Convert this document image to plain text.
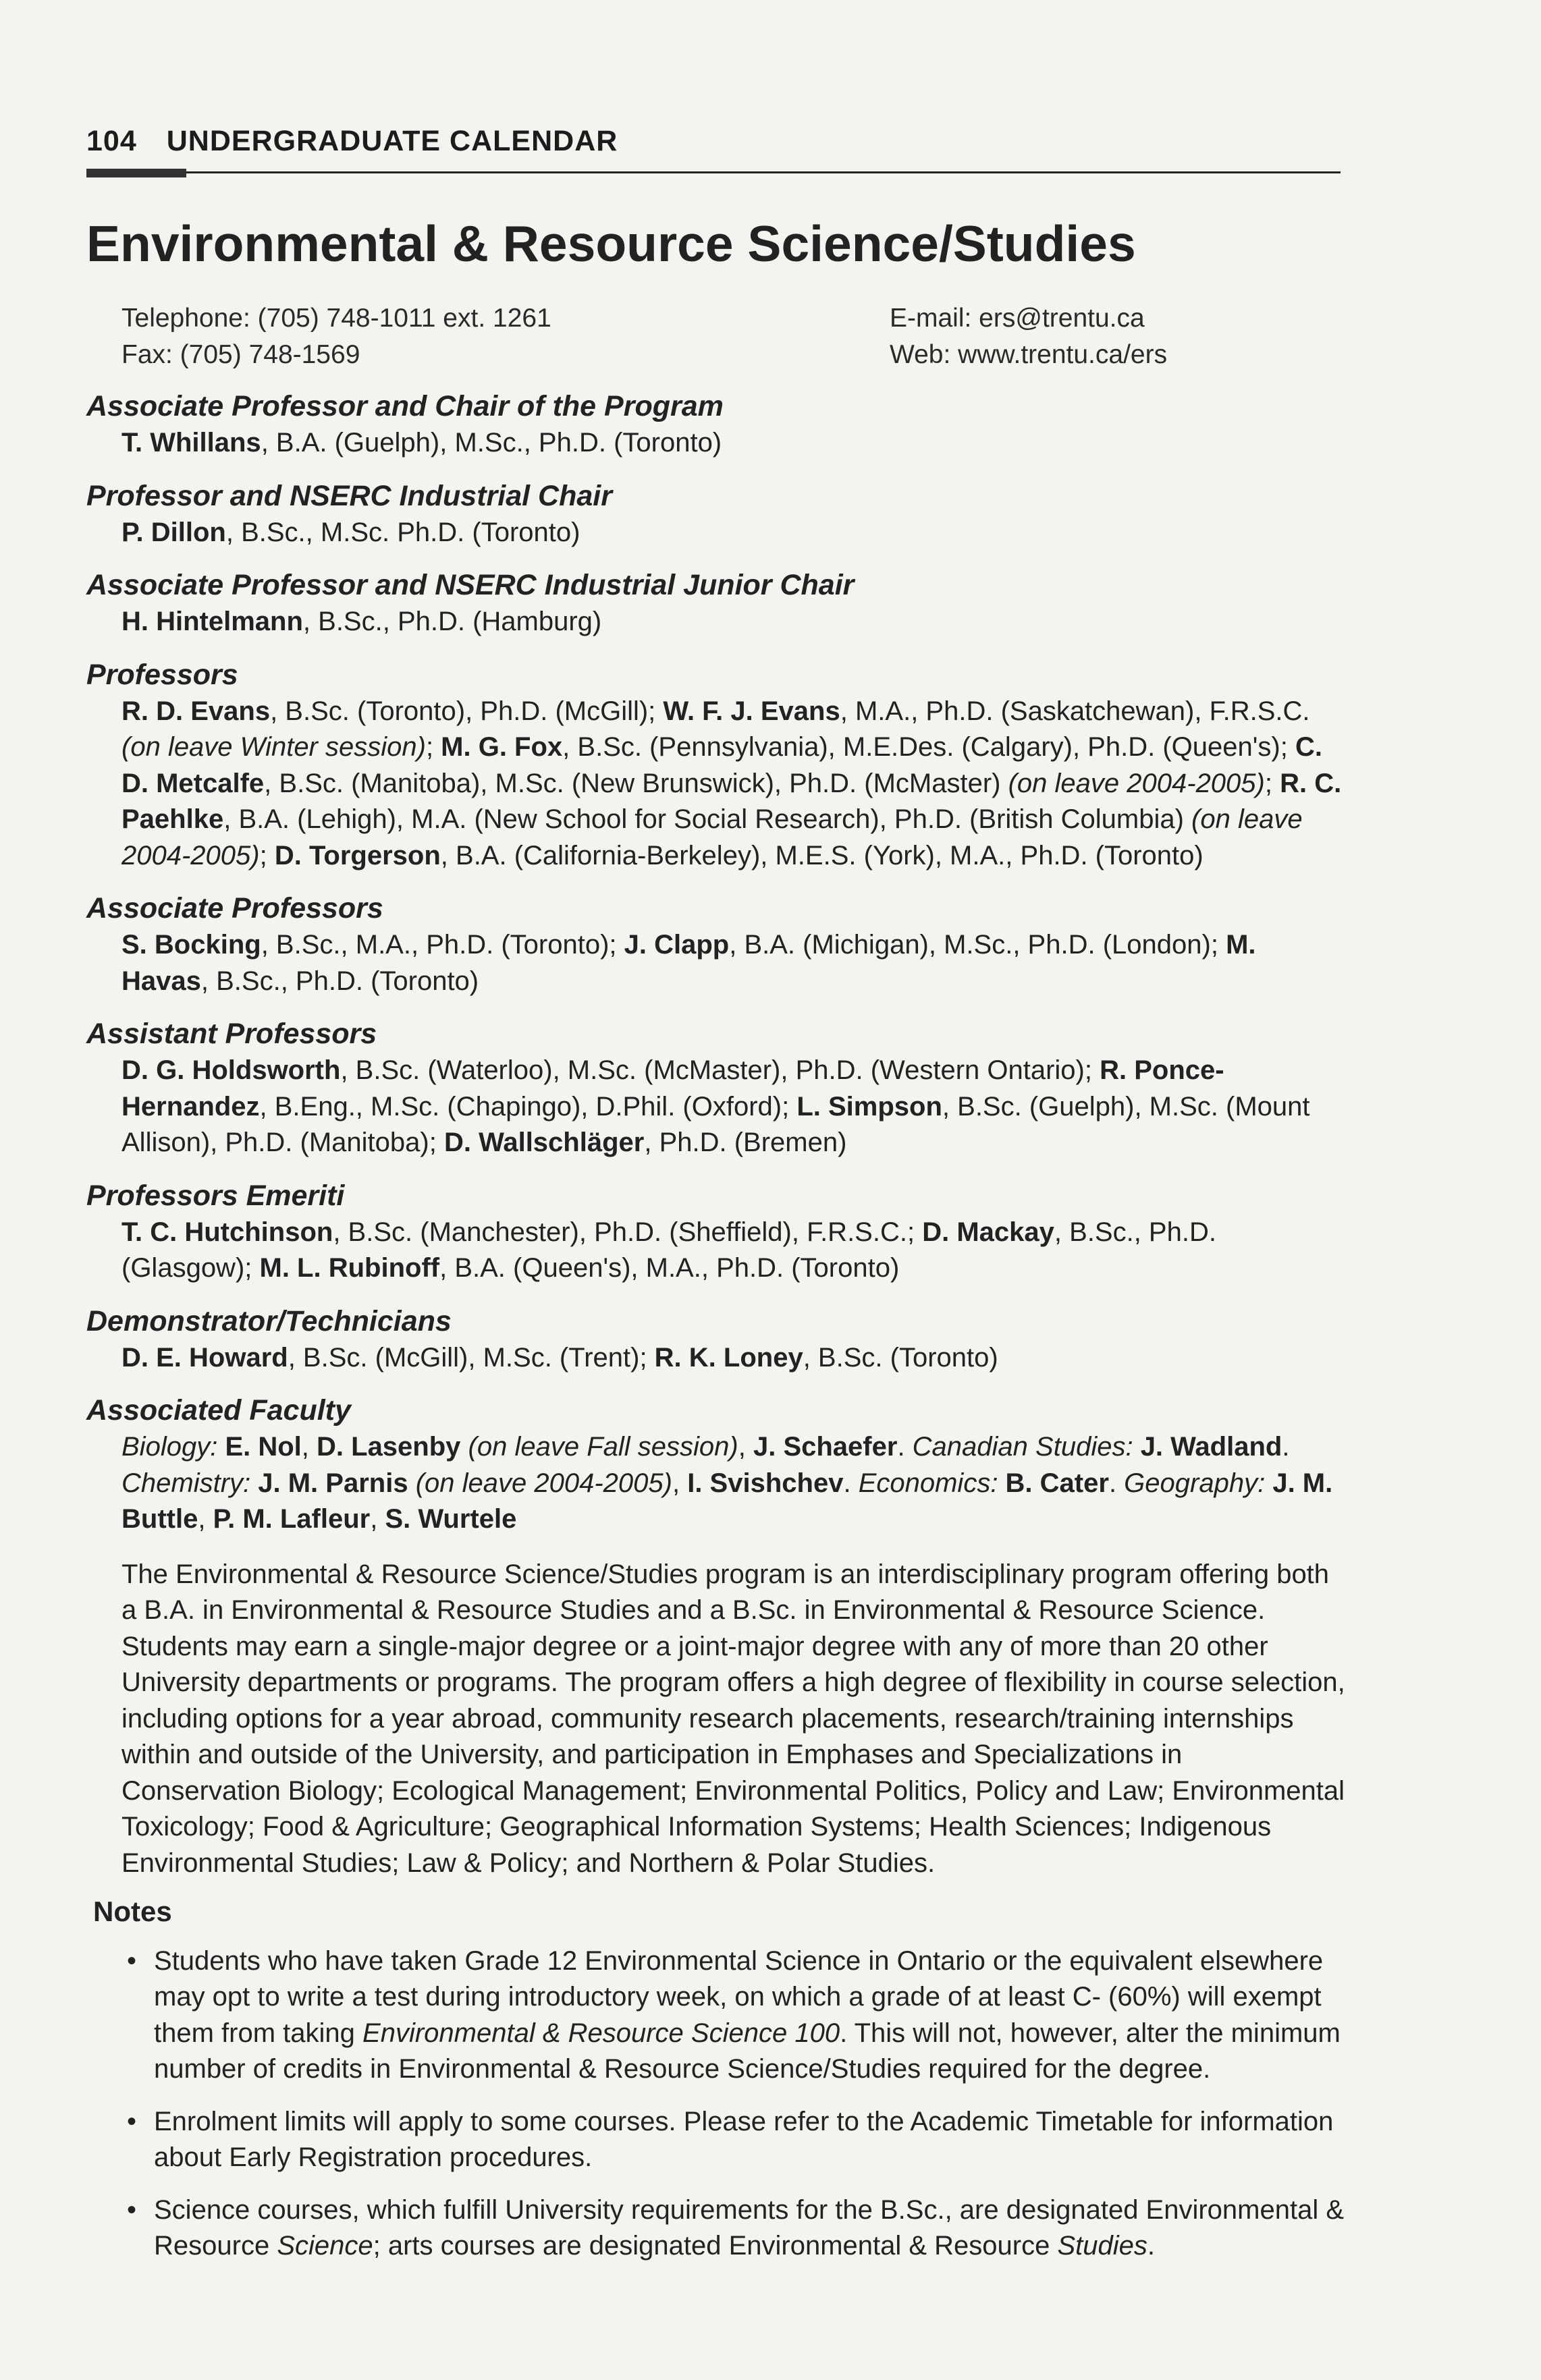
104 UNDERGRADUATE CALENDAR
Environmental & Resource Science/Studies
Telephone: (705) 748-1011 ext. 1261
Fax: (705) 748-1569
E-mail: ers@trentu.ca
Web: www.trentu.ca/ers

Associate Professor and Chair of the Program

T. Whillans, B.A. (Guelph), M.Sc., Ph.D. (Toronto)

Professor and NSERC Industrial Chair

P. Dillon, B.Sc., M.Sc. Ph.D. (Toronto)

Associate Professor and NSERC Industrial Junior Chair

H. Hintelmann, B.Sc., Ph.D. (Hamburg)

Professors

R. D. Evans, B.Sc. (Toronto), Ph.D. (McGill); W. F. J. Evans, M.A., Ph.D. (Saskatchewan), F.R.S.C. (on leave Winter session); M. G. Fox, B.Sc. (Pennsylvania), M.E.Des. (Calgary), Ph.D. (Queen's); C. D. Metcalfe, B.Sc. (Manitoba), M.Sc. (New Brunswick), Ph.D. (McMaster) (on leave 2004-2005); R. C. Paehlke, B.A. (Lehigh), M.A. (New School for Social Research), Ph.D. (British Columbia) (on leave 2004-2005); D. Torgerson, B.A. (California-Berkeley), M.E.S. (York), M.A., Ph.D. (Toronto)

Associate Professors

S. Bocking, B.Sc., M.A., Ph.D. (Toronto); J. Clapp, B.A. (Michigan), M.Sc., Ph.D. (London); M. Havas, B.Sc., Ph.D. (Toronto)

Assistant Professors

D. G. Holdsworth, B.Sc. (Waterloo), M.Sc. (McMaster), Ph.D. (Western Ontario); R. Ponce-Hernandez, B.Eng., M.Sc. (Chapingo), D.Phil. (Oxford); L. Simpson, B.Sc. (Guelph), M.Sc. (Mount Allison), Ph.D. (Manitoba); D. Wallschläger, Ph.D. (Bremen)

Professors Emeriti

T. C. Hutchinson, B.Sc. (Manchester), Ph.D. (Sheffield), F.R.S.C.; D. Mackay, B.Sc., Ph.D. (Glasgow); M. L. Rubinoff, B.A. (Queen's), M.A., Ph.D. (Toronto)

Demonstrator/Technicians

D. E. Howard, B.Sc. (McGill), M.Sc. (Trent); R. K. Loney, B.Sc. (Toronto)

Associated Faculty

Biology: E. Nol, D. Lasenby (on leave Fall session), J. Schaefer. Canadian Studies: J. Wadland. Chemistry: J. M. Parnis (on leave 2004-2005), I. Svishchev. Economics: B. Cater. Geography: J. M. Buttle, P. M. Lafleur, S. Wurtele

The Environmental & Resource Science/Studies program is an interdisciplinary program offering both a B.A. in Environmental & Resource Studies and a B.Sc. in Environmental & Resource Science. Students may earn a single-major degree or a joint-major degree with any of more than 20 other University departments or programs. The program offers a high degree of flexibility in course selection, including options for a year abroad, community research placements, research/training internships within and outside of the University, and participation in Emphases and Specializations in Conservation Biology; Ecological Management; Environmental Politics, Policy and Law; Environmental Toxicology; Food & Agriculture; Geographical Information Systems; Health Sciences; Indigenous Environmental Studies; Law & Policy; and Northern & Polar Studies.

Notes

• Students who have taken Grade 12 Environmental Science in Ontario or the equivalent elsewhere may opt to write a test during introductory week, on which a grade of at least C- (60%) will exempt them from taking Environmental & Resource Science 100. This will not, however, alter the minimum number of credits in Environmental & Resource Science/Studies required for the degree.
• Enrolment limits will apply to some courses. Please refer to the Academic Timetable for information about Early Registration procedures.
• Science courses, which fulfill University requirements for the B.Sc., are designated Environmental & Resource Science; arts courses are designated Environmental & Resource Studies.
